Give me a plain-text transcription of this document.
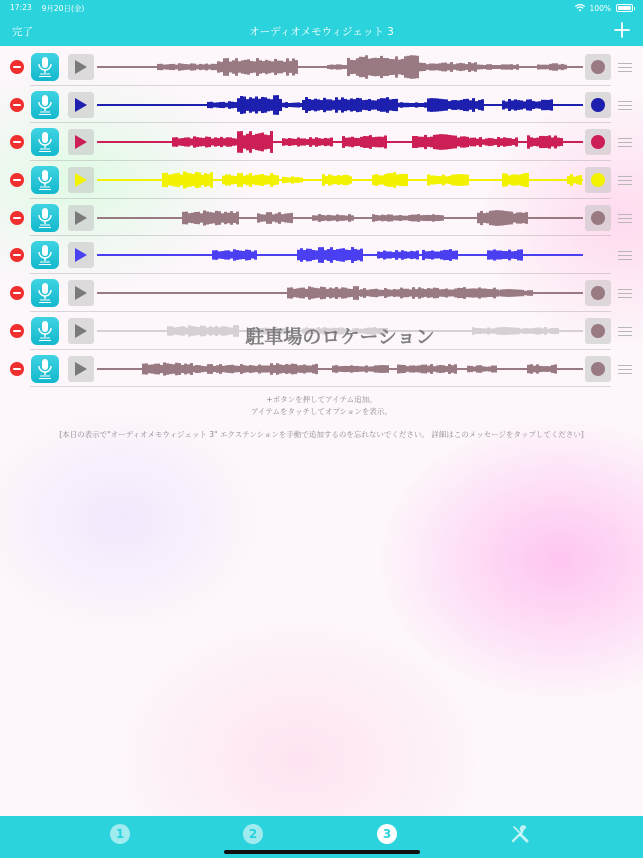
17:23 9月20日(金)	100%
完了	オーディオメモウィジェット 3
駐車場のロケーション
+ボタンを押してアイテム追加。
アイテムをタッチしてオプションを表示。
[本日の表示で"オーディオメモウィジェット 3" エクステンションを手動で追加するのを忘れないでください。 詳細はこのメッセージをタップしてください]
1	2	3
